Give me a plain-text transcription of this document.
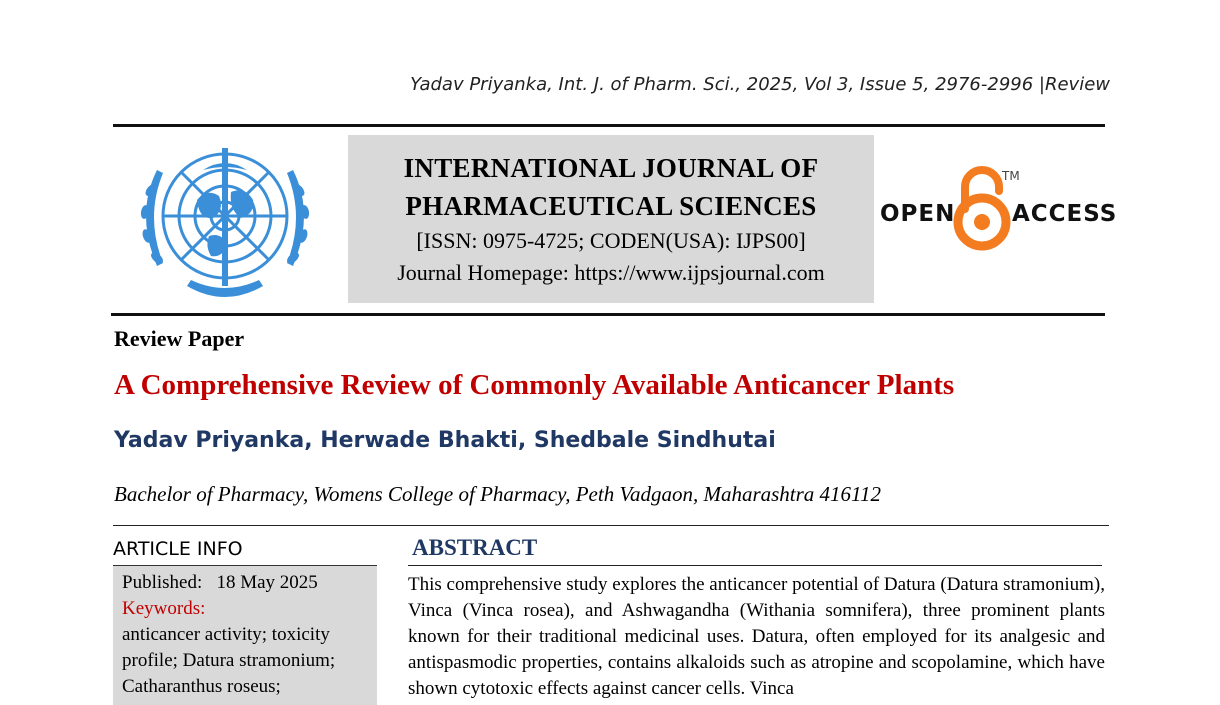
Yadav Priyanka, Int. J. of Pharm. Sci., 2025, Vol 3, Issue 5, 2976-2996 |Review
INTERNATIONAL JOURNAL OF
PHARMACEUTICAL SCIENCES
[ISSN: 0975-4725; CODEN(USA): IJPS00]
Journal Homepage: https://www.ijpsjournal.com
OPEN
TM
ACCESS
Review Paper
A Comprehensive Review of Commonly Available Anticancer Plants
Yadav Priyanka, Herwade Bhakti, Shedbale Sindhutai
Bachelor of Pharmacy, Womens College of Pharmacy, Peth Vadgaon, Maharashtra 416112
ARTICLE INFO
Published: 18 May 2025
Keywords:
anticancer activity; toxicity
profile; Datura stramonium;
Catharanthus roseus;
ABSTRACT
This comprehensive study explores the anticancer potential of Datura (Datura stramonium), Vinca (Vinca rosea), and Ashwagandha (Withania somnifera), three prominent plants known for their traditional medicinal uses. Datura, often employed for its analgesic and antispasmodic properties, contains alkaloids such as atropine and scopolamine, which have shown cytotoxic effects against cancer cells. Vinca
